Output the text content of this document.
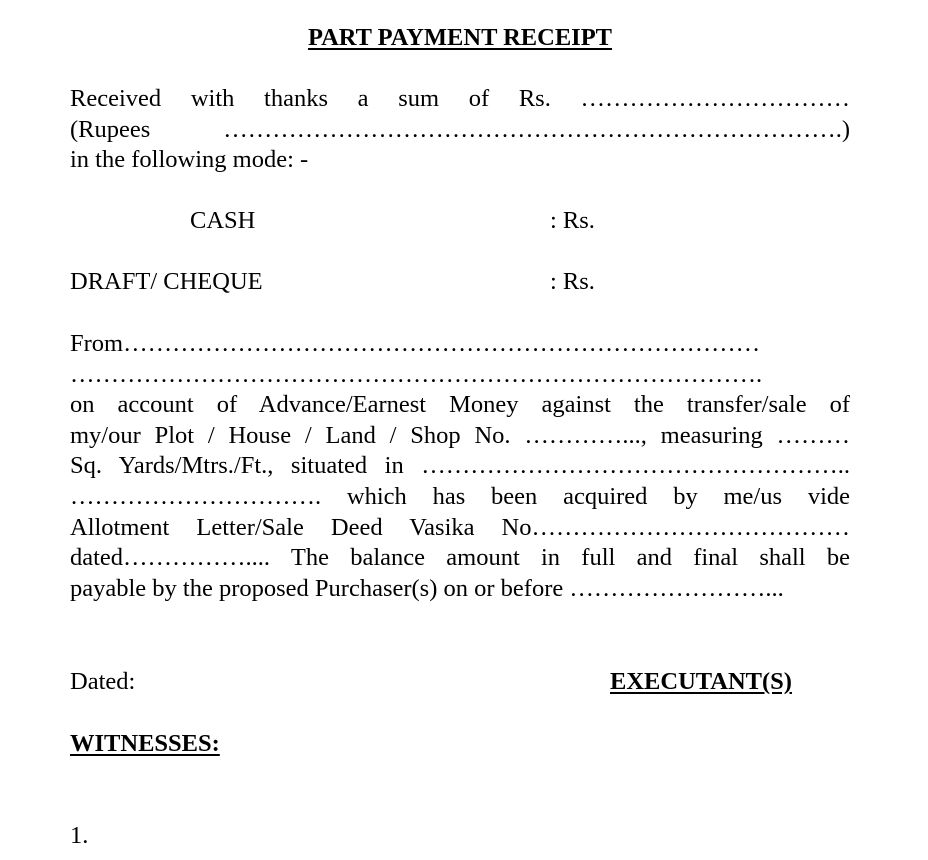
PART PAYMENT RECEIPT
Received with thanks a sum of Rs. ……………………………
(Rupees ………………………………………………………………….)
in the following mode: -
CASH	: Rs.
DRAFT/ CHEQUE	: Rs.
From……………………………………………………………………
………………………………………………………………………….
on account of Advance/Earnest Money against the transfer/sale of
my/our Plot / House / Land / Shop No. …………..., measuring ………
Sq. Yards/Mtrs./Ft., situated in ……………………………………………..
…………………………. which has been acquired by me/us vide
Allotment Letter/Sale Deed Vasika No…………………………………
dated…………….... The balance amount in full and final shall be
payable by the proposed Purchaser(s) on or before ……………………...
Dated:	EXECUTANT(S)
WITNESSES:
1.
